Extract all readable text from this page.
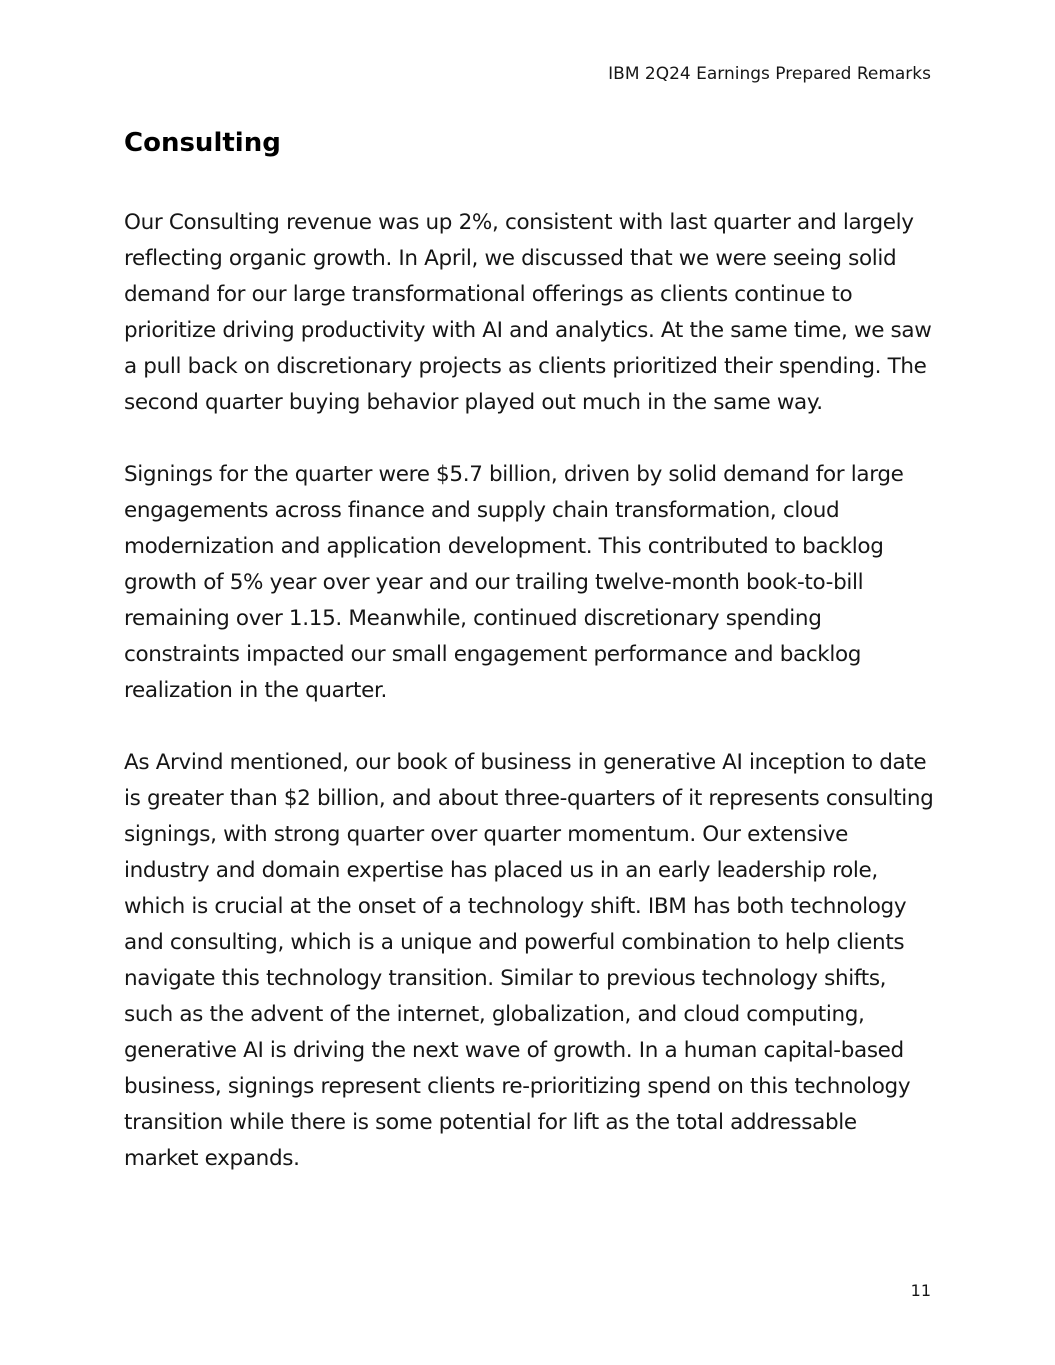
IBM 2Q24 Earnings Prepared Remarks
Consulting

Our Consulting revenue was up 2%, consistent with last quarter and largely reflecting organic growth. In April, we discussed that we were seeing solid demand for our large transformational offerings as clients continue to prioritize driving productivity with AI and analytics. At the same time, we saw a pull back on discretionary projects as clients prioritized their spending. The second quarter buying behavior played out much in the same way.

Signings for the quarter were $5.7 billion, driven by solid demand for large engagements across finance and supply chain transformation, cloud modernization and application development. This contributed to backlog growth of 5% year over year and our trailing twelve-month book-to-bill remaining over 1.15. Meanwhile, continued discretionary spending constraints impacted our small engagement performance and backlog realization in the quarter.

As Arvind mentioned, our book of business in generative AI inception to date is greater than $2 billion, and about three-quarters of it represents consulting signings, with strong quarter over quarter momentum. Our extensive industry and domain expertise has placed us in an early leadership role, which is crucial at the onset of a technology shift. IBM has both technology and consulting, which is a unique and powerful combination to help clients navigate this technology transition. Similar to previous technology shifts, such as the advent of the internet, globalization, and cloud computing, generative AI is driving the next wave of growth. In a human capital-based business, signings represent clients re-prioritizing spend on this technology transition while there is some potential for lift as the total addressable market expands.

11
